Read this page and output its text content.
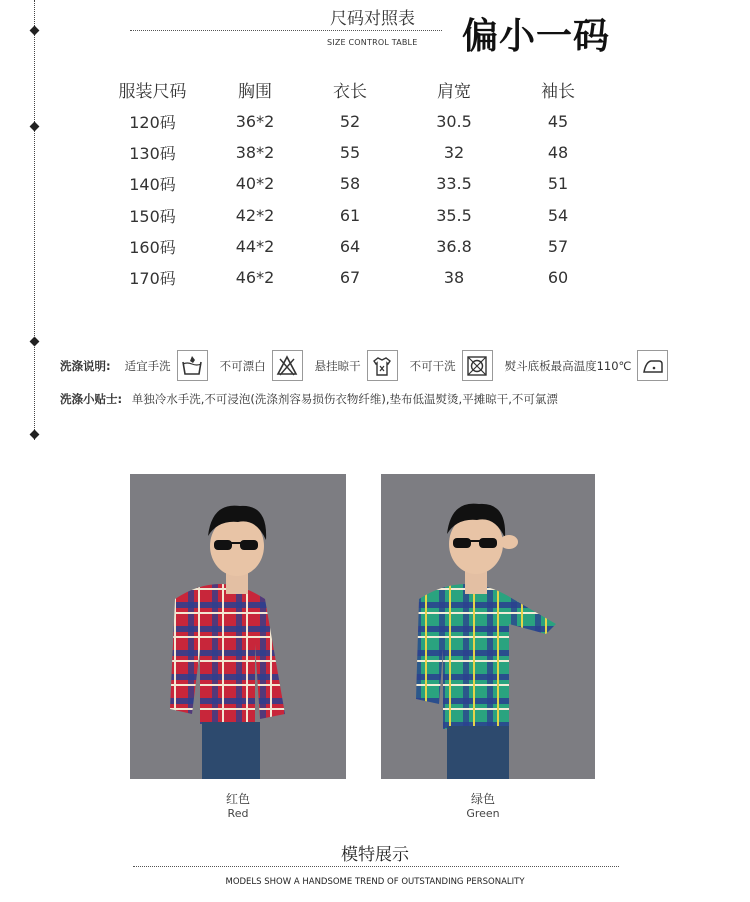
尺码对照表
SIZE CONTROL TABLE 偏小一码
服装尺码	胸围	衣长	肩宽	袖长
120码	36*2	52	30.5	45
130码	38*2	55	32	48
140码	40*2	58	33.5	51
150码	42*2	61	35.5	54
160码	44*2	64	36.8	57
170码	46*2	67	38	60
洗涤说明: 适宜手洗	不可漂白	悬挂晾干	不可干洗	熨斗底板最高温度110℃
洗涤小贴士: 单独冷水手洗,不可浸泡(洗涤剂容易损伤衣物纤维),垫布低温熨烫,平摊晾干,不可氯漂
红色
Red
绿色
Green
模特展示
MODELS SHOW A HANDSOME TREND OF OUTSTANDING PERSONALITY
